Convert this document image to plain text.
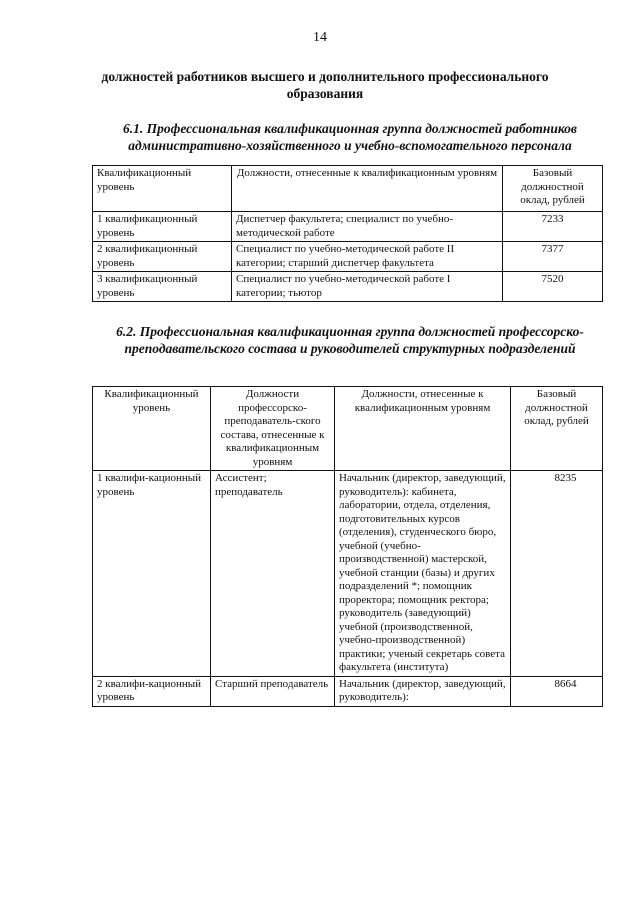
14
должностей работников высшего и дополнительного профессионального образования
6.1. Профессиональная квалификационная группа должностей работников административно-хозяйственного и учебно-вспомогательного персонала
Квалификационный уровень	Должности, отнесенные к квалификационным уровням	Базовый должностной оклад, рублей
1 квалификационный уровень	Диспетчер факультета; специалист по учебно-методической работе	7233
2 квалификационный уровень	Специалист по учебно-методической работе II категории; старший диспетчер факультета	7377
3 квалификационный уровень	Специалист по учебно-методической работе I категории; тьютор	7520
6.2. Профессиональная квалификационная группа должностей профессорско-преподавательского состава и руководителей структурных подразделений
Квалификационный уровень	Должности профессорско-преподаватель-ского состава, отнесенные к квалификационным уровням	Должности, отнесенные к квалификационным уровням	Базовый должностной оклад, рублей
1 квалифи-кационный уровень	Ассистент; преподаватель	Начальник (директор, заведующий, руководитель): кабинета, лаборатории, отдела, отделения, подготовительных курсов (отделения), студенческого бюро, учебной (учебно-производственной) мастерской, учебной станции (базы) и других подразделений *; помощник проректора; помощник ректора; руководитель (заведующий) учебной (производственной, учебно-производственной) практики; ученый секретарь совета факультета (института)	8235
2 квалифи-кационный уровень	Старший преподаватель	Начальник (директор, заведующий, руководитель):	8664
